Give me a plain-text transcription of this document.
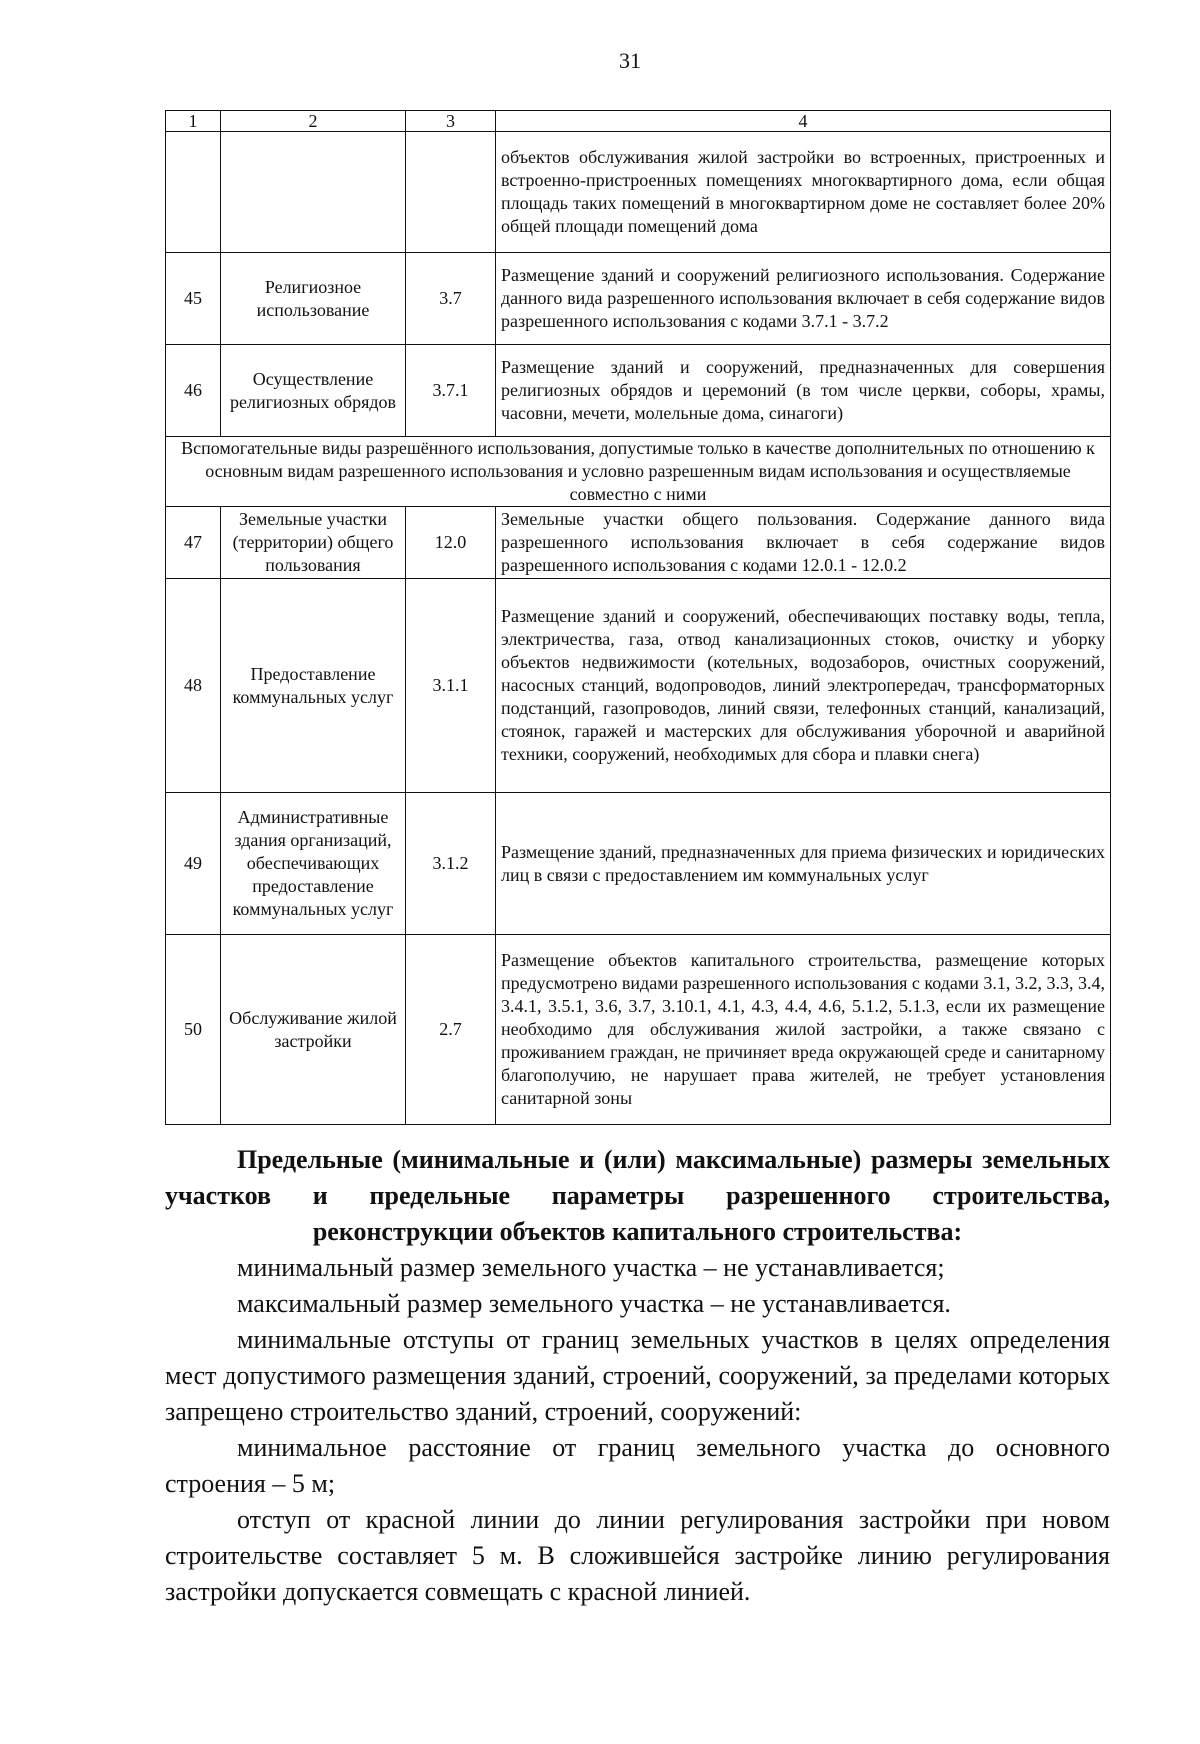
31
1	2	3	4
			объектов обслуживания жилой застройки во встроенных, пристроенных и встроенно-пристроенных помещениях многоквартирного дома, если общая площадь таких помещений в многоквартирном доме не составляет более 20% общей площади помещений дома
45	Религиозное использование	3.7	Размещение зданий и сооружений религиозного использования. Содержание данного вида разрешенного использования включает в себя содержание видов разрешенного использования с кодами 3.7.1 - 3.7.2
46	Осуществление религиозных обрядов	3.7.1	Размещение зданий и сооружений, предназначенных для совершения религиозных обрядов и церемоний (в том числе церкви, соборы, храмы, часовни, мечети, молельные дома, синагоги)
Вспомогательные виды разрешённого использования, допустимые только в качестве дополнительных по отношению к основным видам разрешенного использования и условно разрешенным видам использования и осуществляемые совместно с ними			
47	Земельные участки (территории) общего пользования	12.0	Земельные участки общего пользования. Содержание данного вида разрешенного использования включает в себя содержание видов разрешенного использования с кодами 12.0.1 - 12.0.2
48	Предоставление коммунальных услуг	3.1.1	Размещение зданий и сооружений, обеспечивающих поставку воды, тепла, электричества, газа, отвод канализационных стоков, очистку и уборку объектов недвижимости (котельных, водозаборов, очистных сооружений, насосных станций, водопроводов, линий электропередач, трансформаторных подстанций, газопроводов, линий связи, телефонных станций, канализаций, стоянок, гаражей и мастерских для обслуживания уборочной и аварийной техники, сооружений, необходимых для сбора и плавки снега)
49	Административные здания организаций, обеспечивающих предоставление коммунальных услуг	3.1.2	Размещение зданий, предназначенных для приема физических и юридических лиц в связи с предоставлением им коммунальных услуг
50	Обслуживание жилой застройки	2.7	Размещение объектов капитального строительства, размещение которых предусмотрено видами разрешенного использования с кодами 3.1, 3.2, 3.3, 3.4, 3.4.1, 3.5.1, 3.6, 3.7, 3.10.1, 4.1, 4.3, 4.4, 4.6, 5.1.2, 5.1.3, если их размещение необходимо для обслуживания жилой застройки, а также связано с проживанием граждан, не причиняет вреда окружающей среде и санитарному благополучию, не нарушает права жителей, не требует установления санитарной зоны

Предельные (минимальные и (или) максимальные) размеры земельных участков и предельные параметры разрешенного строительства, реконструкции объектов капитального строительства:

минимальный размер земельного участка – не устанавливается;

максимальный размер земельного участка – не устанавливается.

минимальные отступы от границ земельных участков в целях определения мест допустимого размещения зданий, строений, сооружений, за пределами которых запрещено строительство зданий, строений, сооружений:

минимальное расстояние от границ земельного участка до основного строения – 5 м;

отступ от красной линии до линии регулирования застройки при новом строительстве составляет 5 м. В сложившейся застройке линию регулирования застройки допускается совмещать с красной линией.
